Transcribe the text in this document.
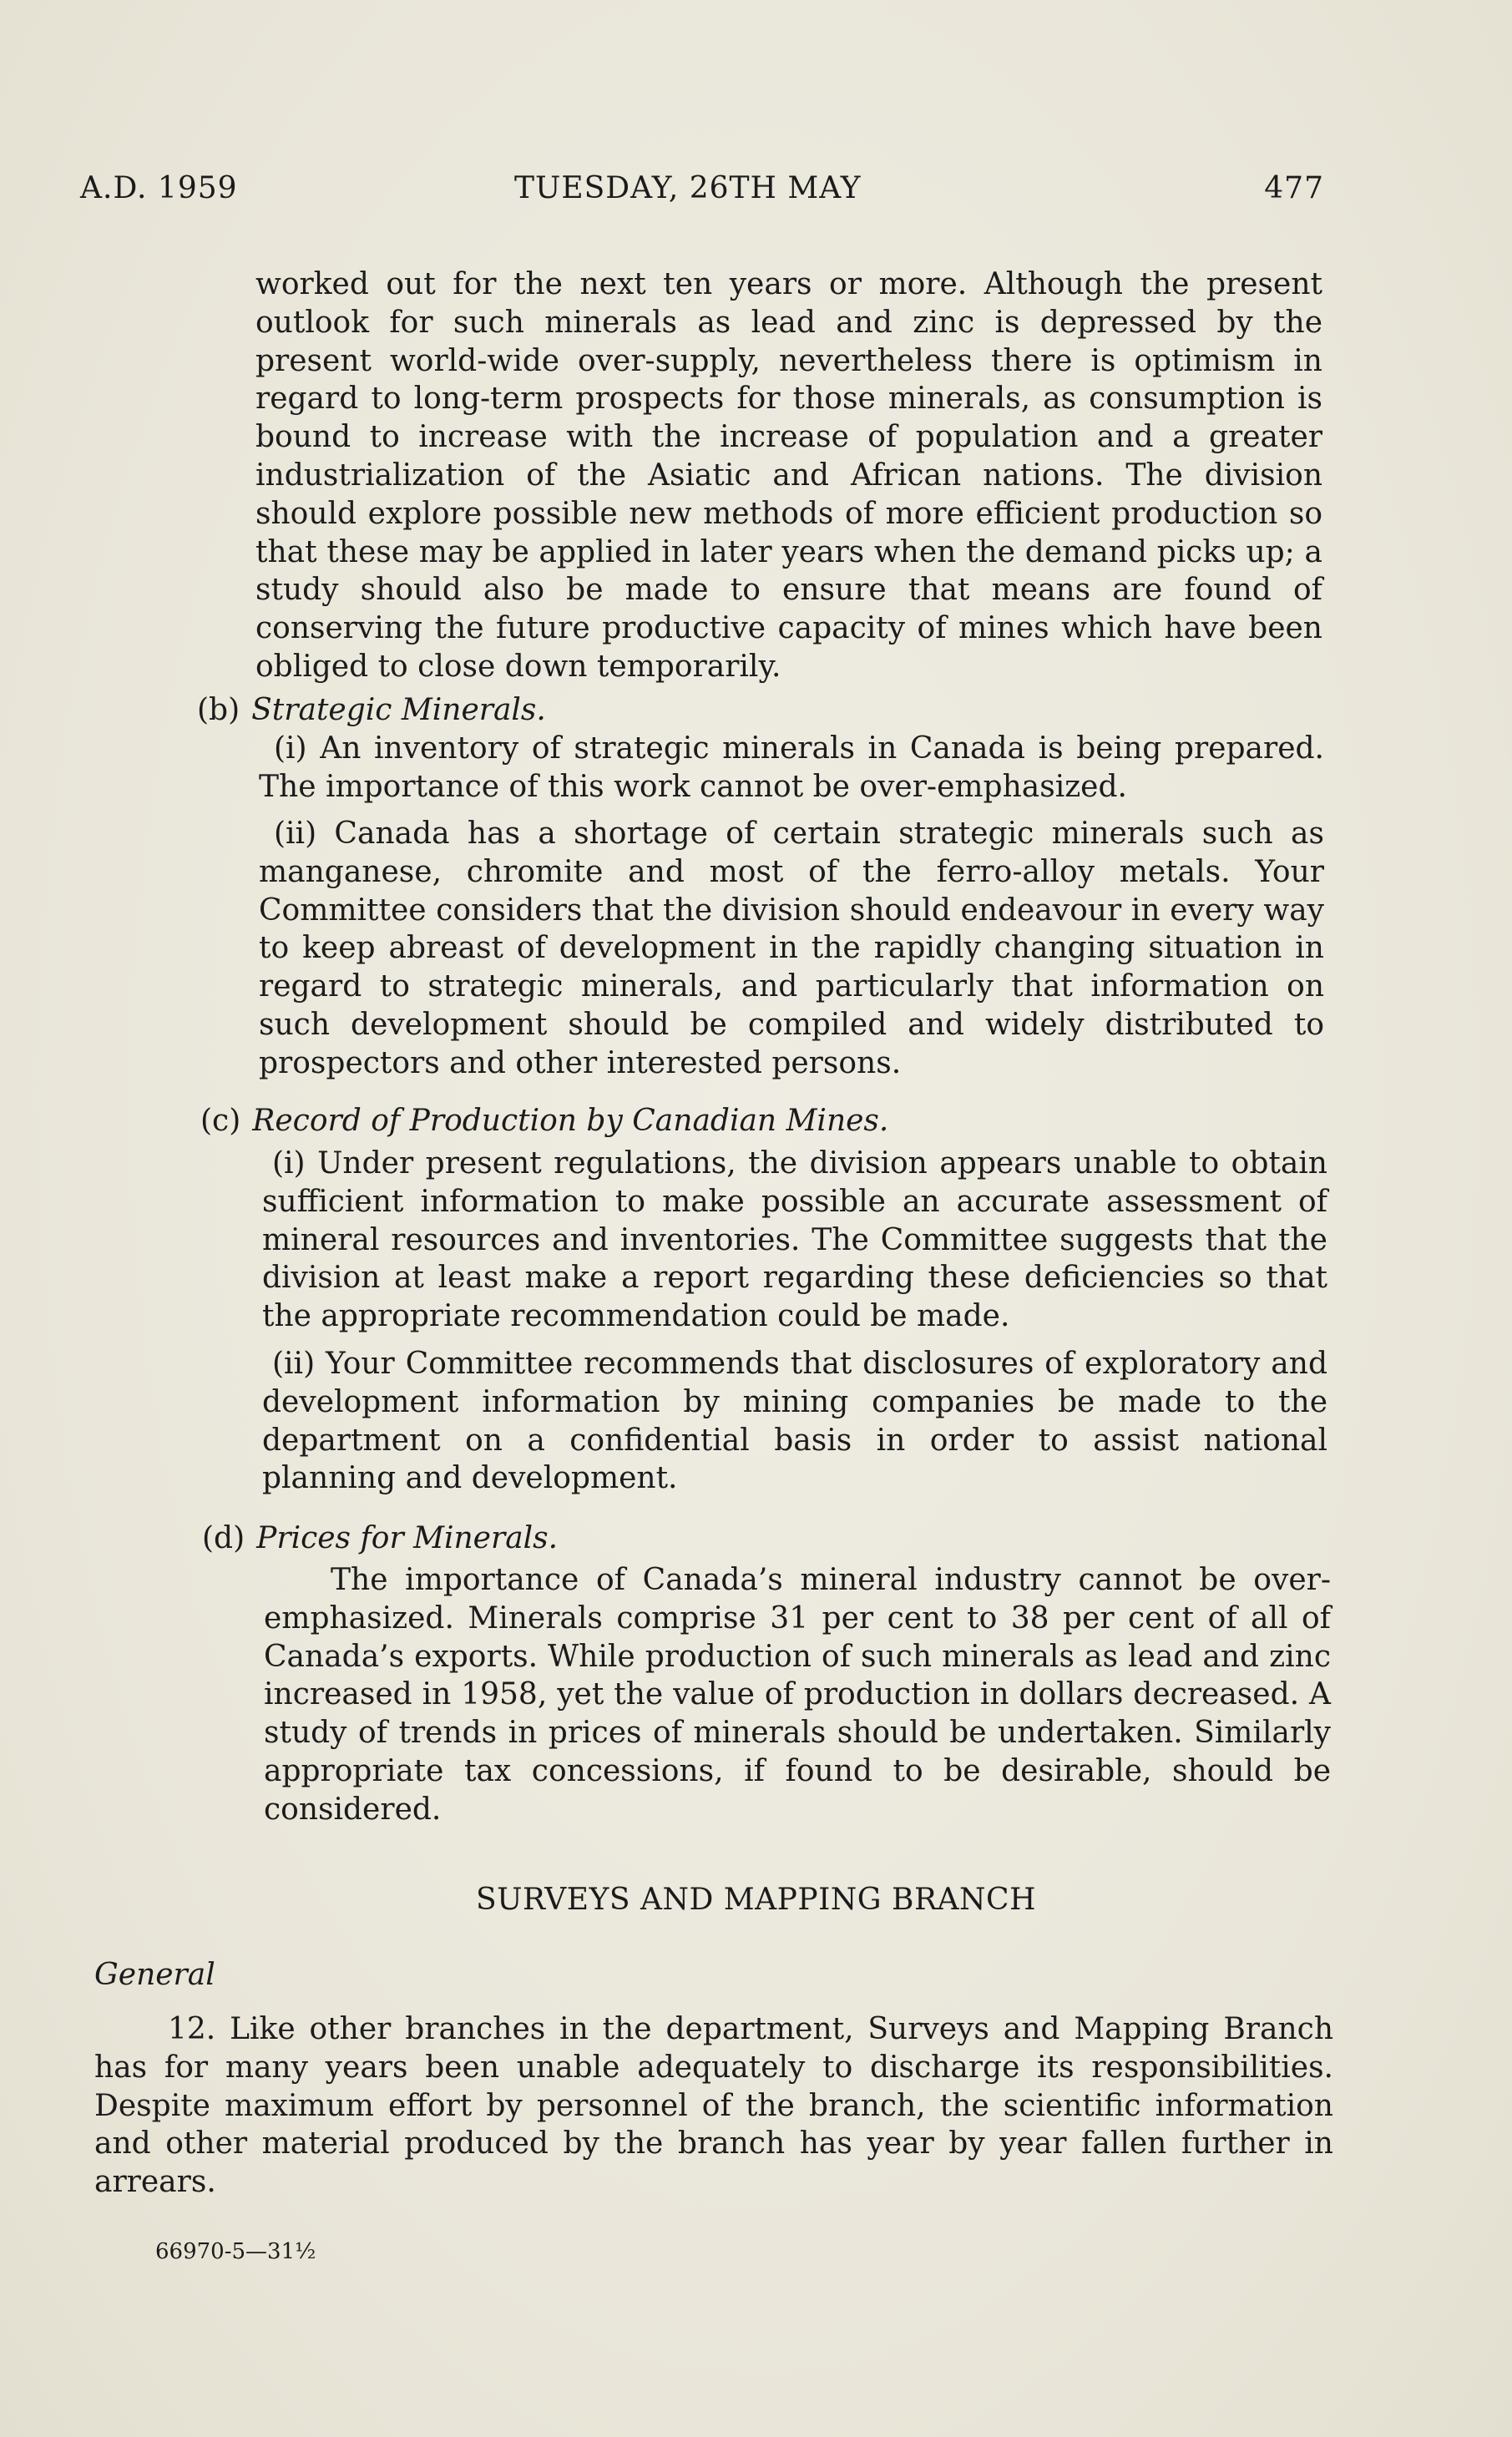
A.D. 1959	TUESDAY, 26TH MAY	477
worked out for the next ten years or more. Although the present outlook for such minerals as lead and zinc is depressed by the present world-wide over-supply, nevertheless there is optimism in regard to long-term prospects for those minerals, as consumption is bound to increase with the increase of population and a greater industrialization of the Asiatic and African nations. The division should explore possible new methods of more efficient production so that these may be applied in later years when the demand picks up; a study should also be made to ensure that means are found of conserving the future productive capacity of mines which have been obliged to close down temporarily.
(b) Strategic Minerals.
(i) An inventory of strategic minerals in Canada is being prepared. The importance of this work cannot be over-emphasized.
(ii) Canada has a shortage of certain strategic minerals such as manganese, chromite and most of the ferro-alloy metals. Your Committee considers that the division should endeavour in every way to keep abreast of development in the rapidly changing situation in regard to strategic minerals, and particularly that information on such development should be compiled and widely distributed to prospectors and other interested persons.
(c) Record of Production by Canadian Mines.
(i) Under present regulations, the division appears unable to obtain sufficient information to make possible an accurate assessment of mineral resources and inventories. The Committee suggests that the division at least make a report regarding these deficiencies so that the appropriate recommendation could be made.
(ii) Your Committee recommends that disclosures of exploratory and development information by mining companies be made to the department on a confidential basis in order to assist national planning and development.
(d) Prices for Minerals.
The importance of Canada’s mineral industry cannot be over-emphasized. Minerals comprise 31 per cent to 38 per cent of all of Canada’s exports. While production of such minerals as lead and zinc increased in 1958, yet the value of production in dollars decreased. A study of trends in prices of minerals should be undertaken. Similarly appropriate tax concessions, if found to be desirable, should be considered.
SURVEYS AND MAPPING BRANCH
General
12. Like other branches in the department, Surveys and Mapping Branch has for many years been unable adequately to discharge its responsibilities. Despite maximum effort by personnel of the branch, the scientific information and other material produced by the branch has year by year fallen further in arrears.
66970-5—31½
